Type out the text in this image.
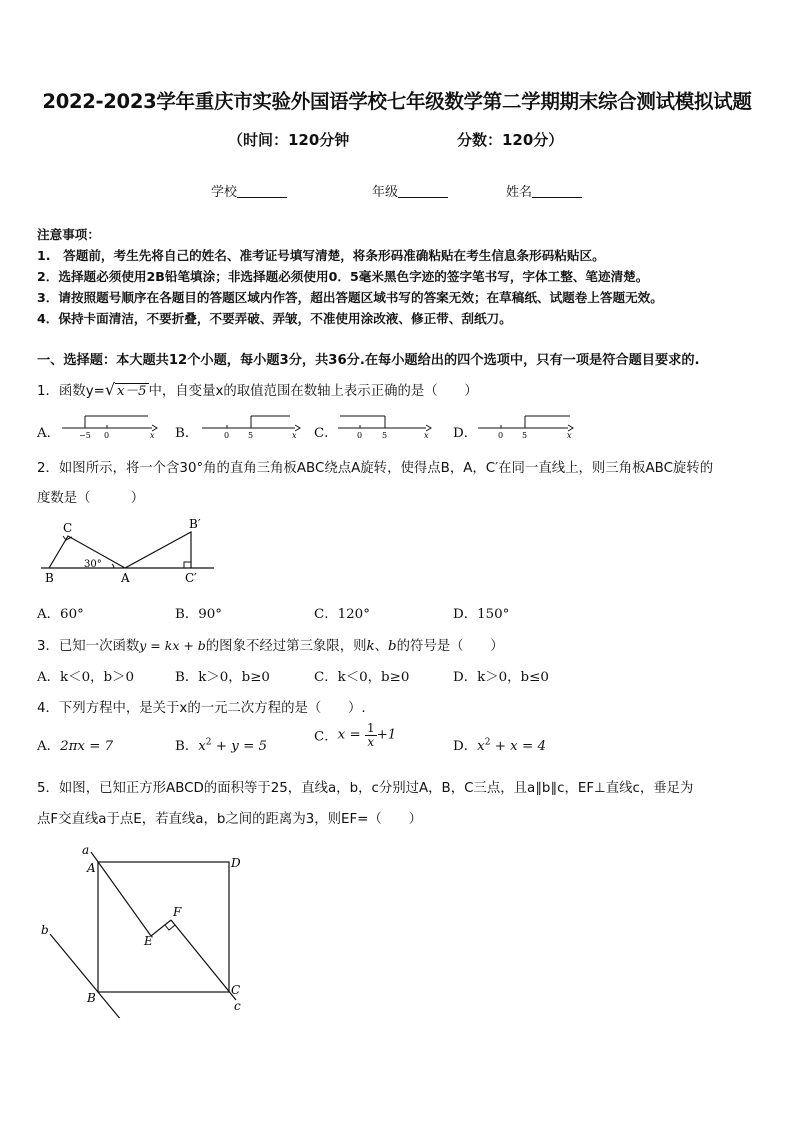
2022-2023学年重庆市实验外国语学校七年级数学第二学期期末综合测试模拟试题
（时间：120分钟	分数：120分）
学校	年级	姓名
注意事项：
1.　答题前，考生先将自己的姓名、准考证号填写清楚，将条形码准确粘贴在考生信息条形码粘贴区。
2．选择题必须使用2B铅笔填涂；非选择题必须使用0．5毫米黑色字迹的签字笔书写，字体工整、笔迹清楚。
3．请按照题号顺序在各题目的答题区域内作答，超出答题区域书写的答案无效；在草稿纸、试题卷上答题无效。
4．保持卡面清洁，不要折叠，不要弄破、弄皱，不准使用涂改液、修正带、刮纸刀。
一、选择题：本大题共12个小题，每小题3分，共36分.在每小题给出的四个选项中，只有一项是符合题目要求的.
1．函数y=√ x－5 中，自变量x的取值范围在数轴上表示正确的是（　　）
A．	B．	C．	D．
−5 0	x	0 5	x	0 5	x	0 5	x
2．如图所示，将一个含30°角的直角三角板ABC绕点A旋转，使得点B，A，C′在同一直线上，则三角板ABC旋转的
度数是（　　　）
C	B′
30°
B	A	C′
A．60°	B．90°	C．120°	D．150°
3．已知一次函数y = kx + b的图象不经过第三象限，则k、b的符号是（　　）
A．k＜0，b＞0	B．k＞0，b≥0	C．k＜0，b≥0	D．k＞0，b≤0
4．下列方程中，是关于x的一元二次方程的是（　　）.
A．2πx = 7	B．$x^2 + y = 5$
C．$x = \frac{1}{x} +1$
D．$x^2 + x = 4$
5．如图，已知正方形ABCD的面积等于25，直线a，b，c分别过A，B，C三点，且a∥b∥c，EF⊥直线c，垂足为
点F交直线a于点E，若直线a，b之间的距离为3，则EF=（　　）
a
A	D
F
E
b
B
C
c
